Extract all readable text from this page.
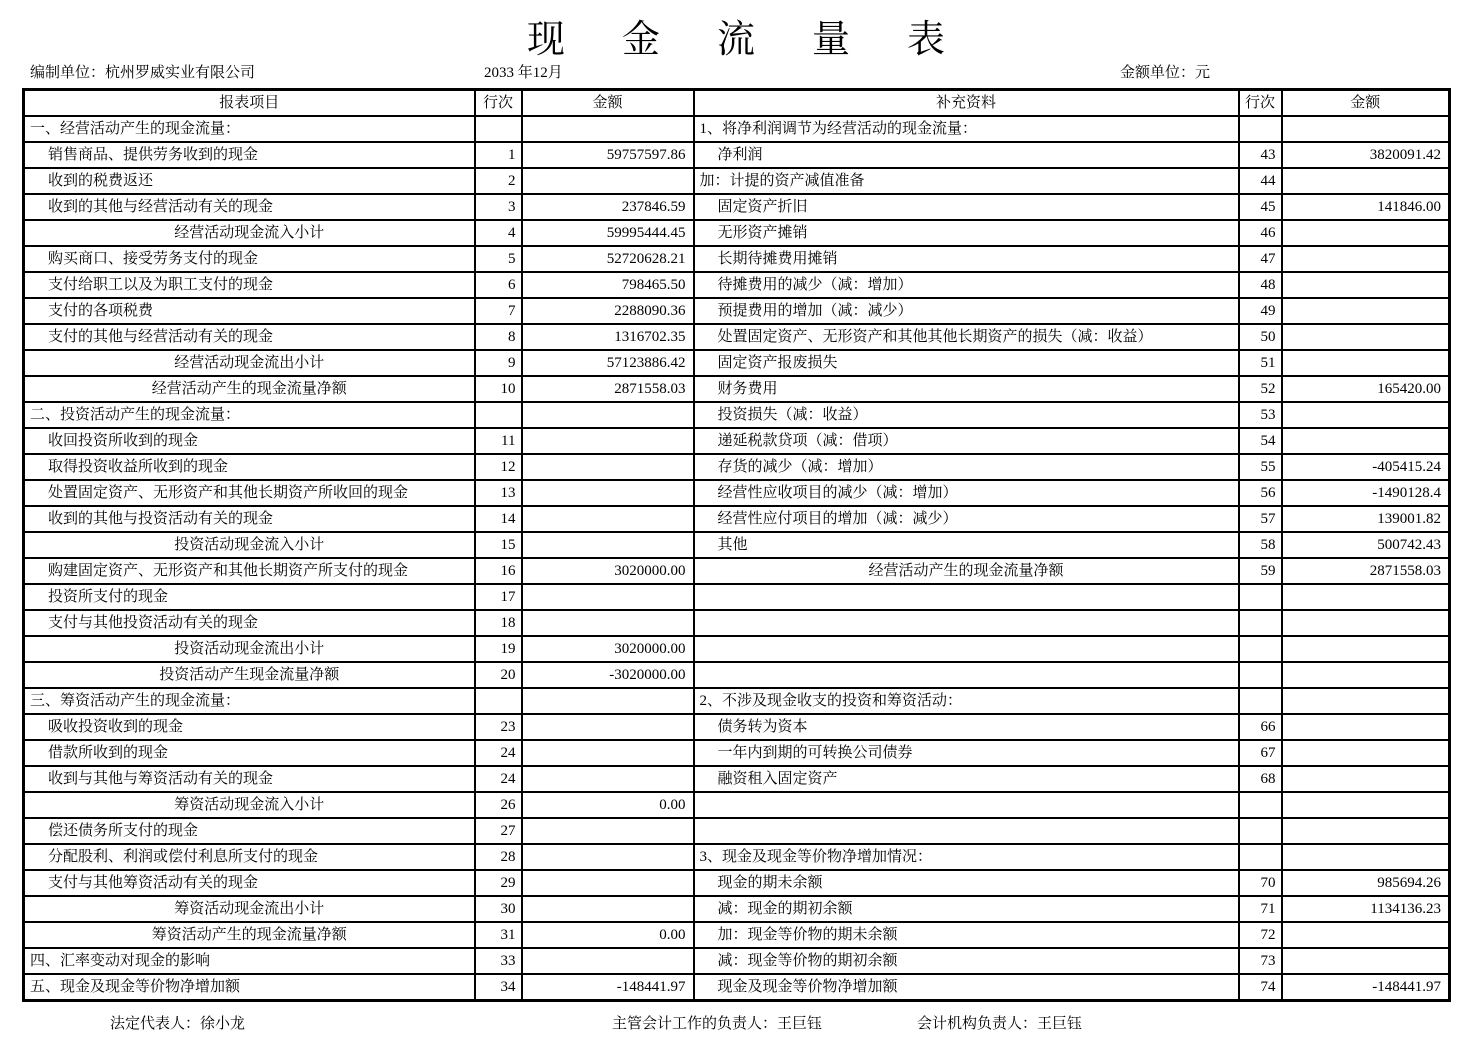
现金流量表
编制单位：杭州罗威实业有限公司	2033 年12月	金额单位：元
报表项目	行次	金额	补充资料	行次	金额
一、经营活动产生的现金流量：			1、将净利润调节为经营活动的现金流量：		
销售商品、提供劳务收到的现金	1	59757597.86	净利润	43	3820091.42
收到的税费返还	2		加：计提的资产减值准备	44	
收到的其他与经营活动有关的现金	3	237846.59	固定资产折旧	45	141846.00
经营活动现金流入小计	4	59995444.45	无形资产摊销	46	
购买商口、接受劳务支付的现金	5	52720628.21	长期待摊费用摊销	47	
支付给职工以及为职工支付的现金	6	798465.50	待摊费用的减少（减：增加）	48	
支付的各项税费	7	2288090.36	预提费用的增加（减：减少）	49	
支付的其他与经营活动有关的现金	8	1316702.35	处置固定资产、无形资产和其他其他长期资产的损失（减：收益）	50	
经营活动现金流出小计	9	57123886.42	固定资产报废损失	51	
经营活动产生的现金流量净额	10	2871558.03	财务费用	52	165420.00
二、投资活动产生的现金流量：			投资损失（减：收益）	53	
收回投资所收到的现金	11		递延税款贷项（减：借项）	54	
取得投资收益所收到的现金	12		存货的减少（减：增加）	55	-405415.24
处置固定资产、无形资产和其他长期资产所收回的现金	13		经营性应收项目的减少（减：增加）	56	-1490128.4
收到的其他与投资活动有关的现金	14		经营性应付项目的增加（减：减少）	57	139001.82
投资活动现金流入小计	15		其他	58	500742.43
购建固定资产、无形资产和其他长期资产所支付的现金	16	3020000.00	经营活动产生的现金流量净额	59	2871558.03
投资所支付的现金	17				
支付与其他投资活动有关的现金	18				
投资活动现金流出小计	19	3020000.00			
投资活动产生现金流量净额	20	-3020000.00			
三、筹资活动产生的现金流量：			2、不涉及现金收支的投资和筹资活动：		
吸收投资收到的现金	23		债务转为资本	66	
借款所收到的现金	24		一年内到期的可转换公司债券	67	
收到与其他与筹资活动有关的现金	24		融资租入固定资产	68	
筹资活动现金流入小计	26	0.00			
偿还债务所支付的现金	27				
分配股利、利润或偿付利息所支付的现金	28		3、现金及现金等价物净增加情况：		
支付与其他筹资活动有关的现金	29		现金的期未余额	70	985694.26
筹资活动现金流出小计	30		减：现金的期初余额	71	1134136.23
筹资活动产生的现金流量净额	31	0.00	加：现金等价物的期未余额	72	
四、汇率变动对现金的影响	33		减：现金等价物的期初余额	73	
五、现金及现金等价物净增加额	34	-148441.97	现金及现金等价物净增加额	74	-148441.97
法定代表人：徐小龙	主管会计工作的负责人：王巨钰	会计机构负责人：王巨钰
